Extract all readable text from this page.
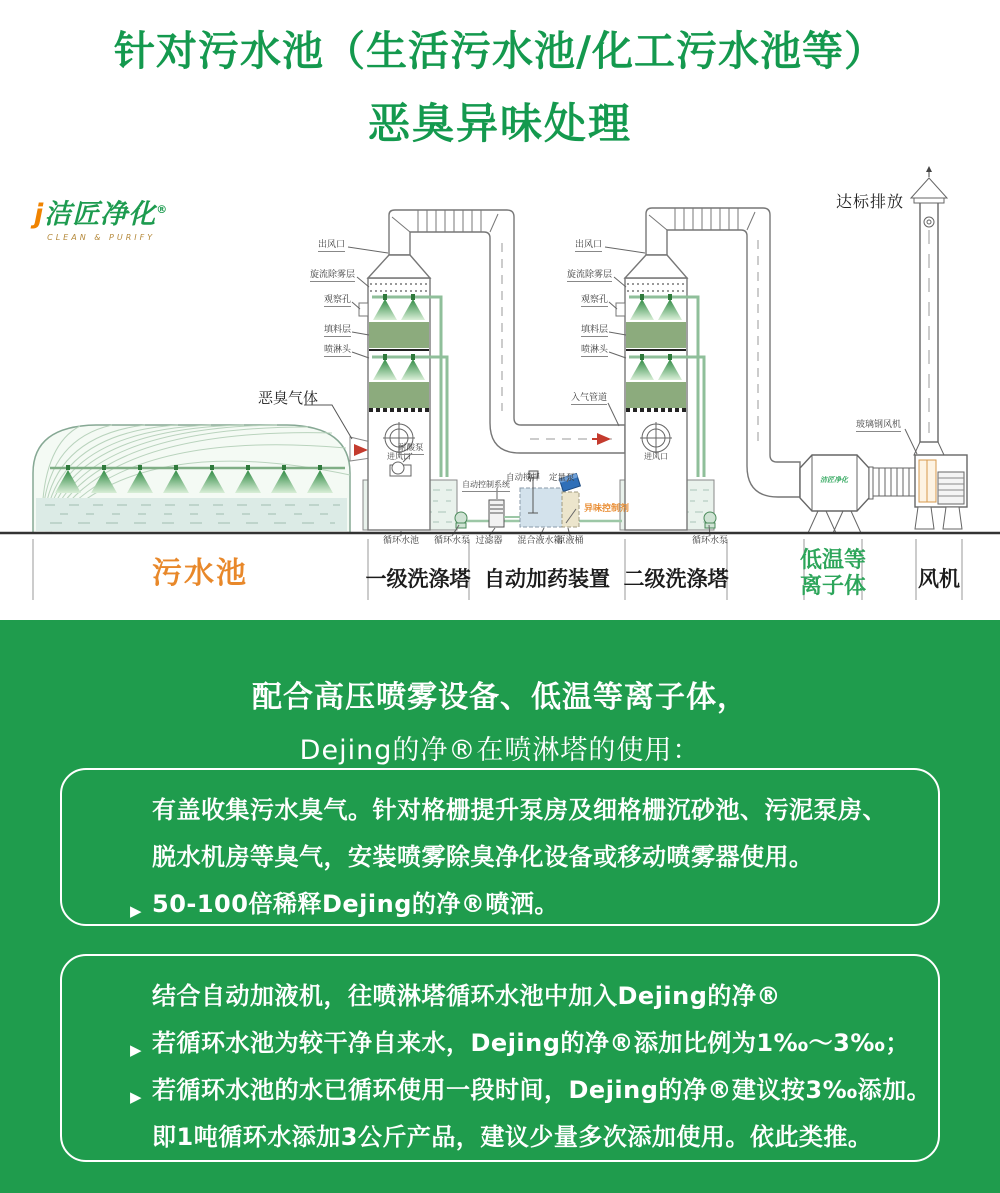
针对污水池（生活污水池/化工污水池等）
恶臭异味处理
j洁匠净化®
CLEAN & PURIFY
洁匠净化
恶臭气体
达标排放
出风口
旋流除雾层
观察孔
填料层
喷淋头
出风口
旋流除雾层
观察孔
填料层
喷淋头
进风口	进风口
耐酸泵
入气管道
自动控制系统
自动搅拌 定量泵
异味控制剂
玻璃钢风机
循环水池	循环水泵 过滤器	混合液水箱
原液桶	循环水泵
污水池	一级洗涤塔 自动加药装置 二级洗涤塔
低温等
离子体	风机
配合高压喷雾设备、低温等离子体，
Dejing的净®在喷淋塔的使用：
有盖收集污水臭气。针对格栅提升泵房及细格栅沉砂池、污泥泵房、
脱水机房等臭气，安装喷雾除臭净化设备或移动喷雾器使用。
▶ 50-100倍稀释Dejing的净®喷洒。
结合自动加液机，往喷淋塔循环水池中加入Dejing的净®
▶ 若循环水池为较干净自来水，Dejing的净®添加比例为1‰～3‰；
▶ 若循环水池的水已循环使用一段时间，Dejing的净®建议按3‰添加。
即1吨循环水添加3公斤产品，建议少量多次添加使用。依此类推。
